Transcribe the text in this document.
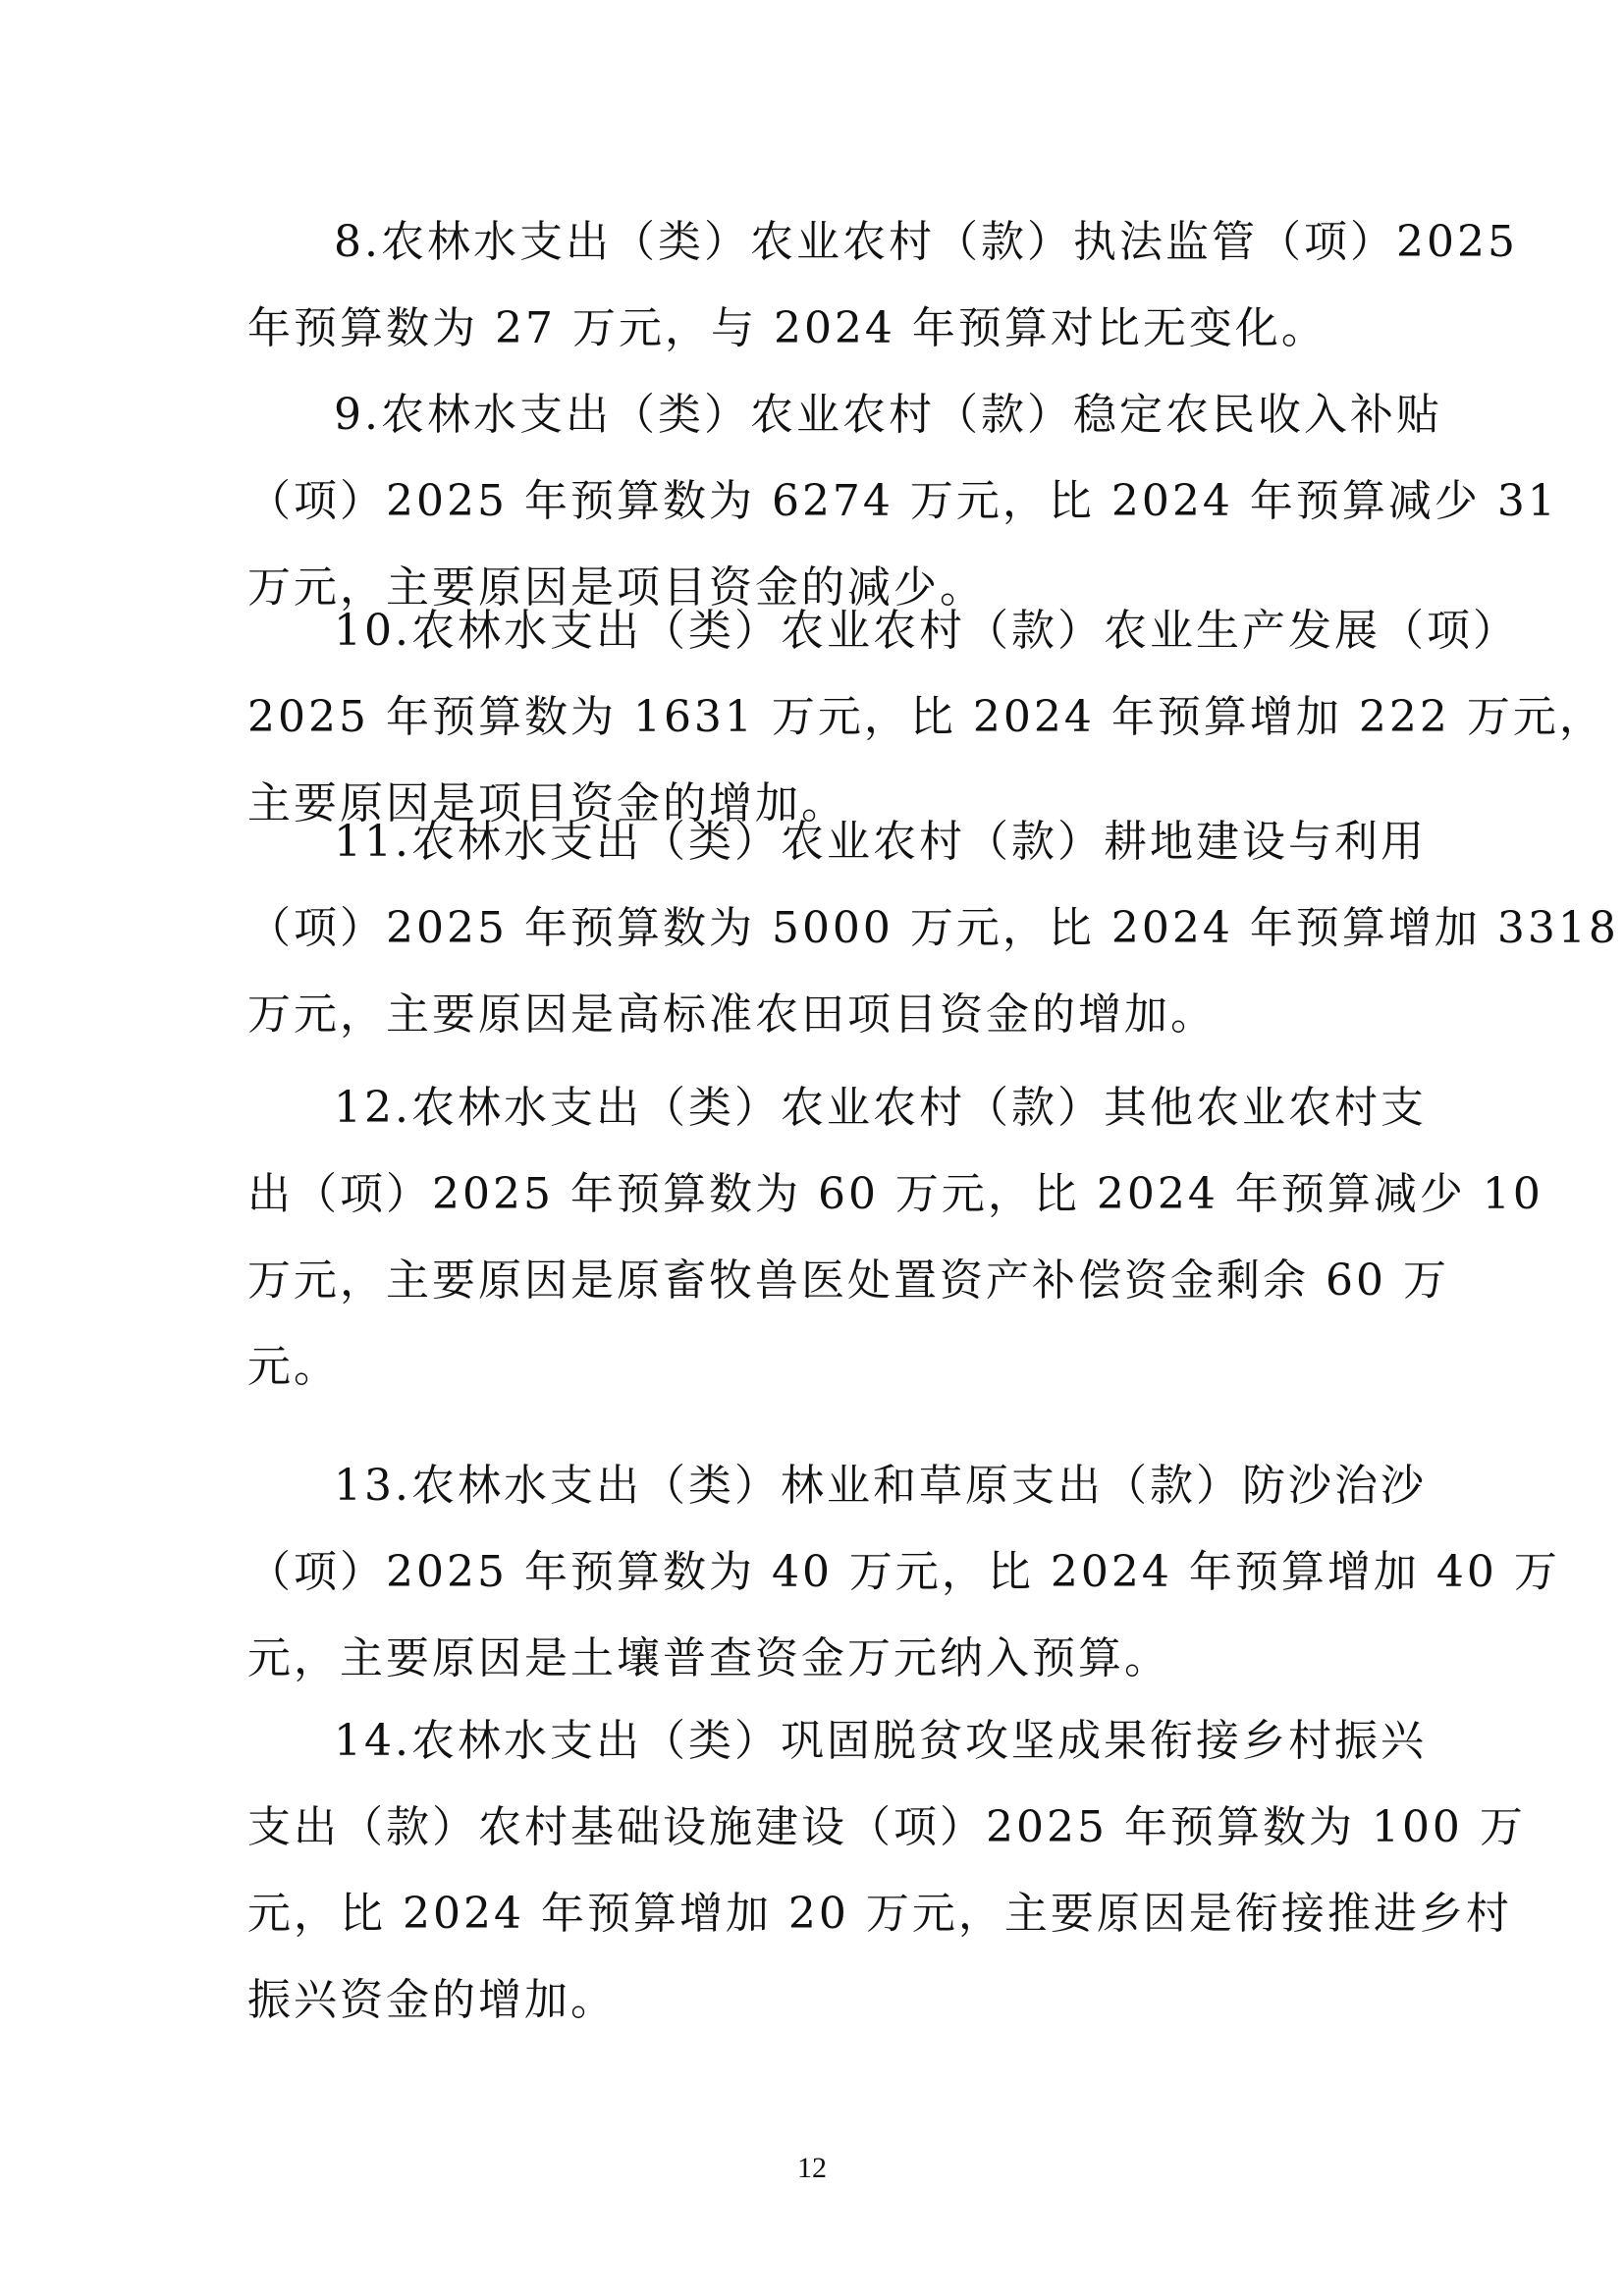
8.农林水支出（类）农业农村（款）执法监管（项）2025
年预算数为 27 万元，与 2024 年预算对比无变化。
9.农林水支出（类）农业农村（款）稳定农民收入补贴
（项）2025 年预算数为 6274 万元，比 2024 年预算减少 31
万元，主要原因是项目资金的减少。
10.农林水支出（类）农业农村（款）农业生产发展（项）
2025 年预算数为 1631 万元，比 2024 年预算增加 222 万元，
主要原因是项目资金的增加。
11.农林水支出（类）农业农村（款）耕地建设与利用
（项）2025 年预算数为 5000 万元，比 2024 年预算增加 3318
万元，主要原因是高标准农田项目资金的增加。
12.农林水支出（类）农业农村（款）其他农业农村支
出（项）2025 年预算数为 60 万元，比 2024 年预算减少 10
万元，主要原因是原畜牧兽医处置资产补偿资金剩余 60 万
元。
13.农林水支出（类）林业和草原支出（款）防沙治沙
（项）2025 年预算数为 40 万元，比 2024 年预算增加 40 万
元，主要原因是土壤普查资金万元纳入预算。
14.农林水支出（类）巩固脱贫攻坚成果衔接乡村振兴
支出（款）农村基础设施建设（项）2025 年预算数为 100 万
元，比 2024 年预算增加 20 万元，主要原因是衔接推进乡村
振兴资金的增加。
12
